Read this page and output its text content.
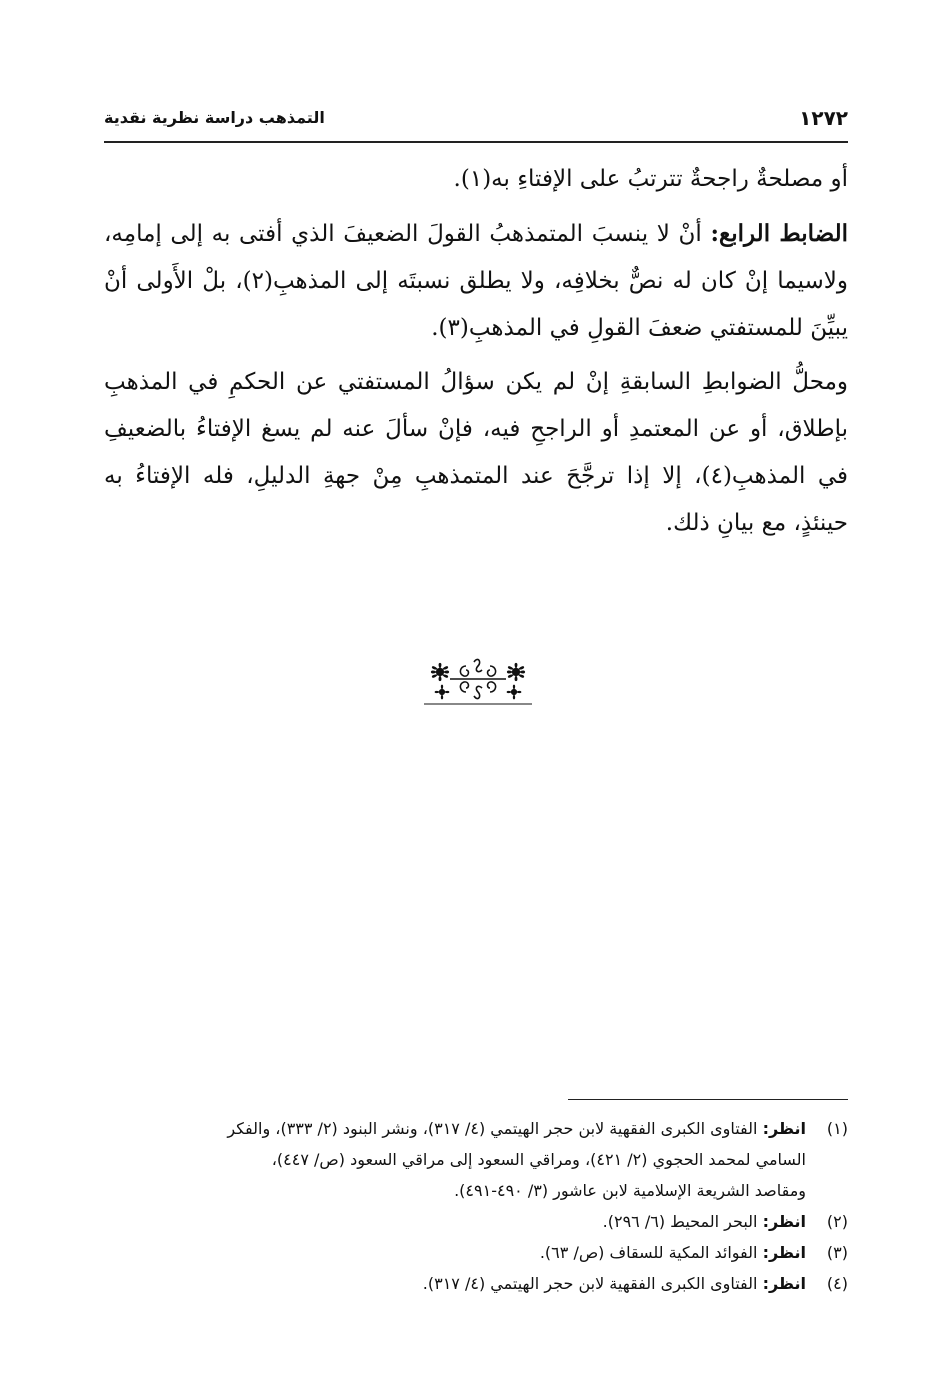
التمذهب دراسة نظرية نقدية	١٢٧٢

أو مصلحةٌ راجحةٌ تترتبُ على الإفتاءِ به(١).

الضابط الرابع: أنْ لا ينسبَ المتمذهبُ القولَ الضعيفَ الذي أفتى به إلى إمامِه، ولاسيما إنْ كان له نصٌّ بخلافِه، ولا يطلق نسبتَه إلى المذهبِ(٢)، بلْ الأَولى أنْ يبيِّنَ للمستفتي ضعفَ القولِ في المذهبِ(٣).

ومحلُّ الضوابطِ السابقةِ إنْ لم يكن سؤالُ المستفتي عن الحكمِ في المذهبِ بإطلاق، أو عن المعتمدِ أو الراجحِ فيه، فإنْ سألَ عنه لم يسغ الإفتاءُ بالضعيفِ في المذهبِ(٤)، إلا إذا ترجَّحَ عند المتمذهبِ مِنْ جهةِ الدليلِ، فله الإفتاءُ به حينئذٍ، مع بيانِ ذلك.

(١)
انظر: الفتاوى الكبرى الفقهية لابن حجر الهيتمي (٤/ ٣١٧)، ونشر البنود (٢/ ٣٣٣)، والفكر
السامي لمحمد الحجوي (٢/ ٤٢١)، ومراقي السعود إلى مراقي السعود (ص/ ٤٤٧)،
ومقاصد الشريعة الإسلامية لابن عاشور (٣/ ٤٩٠-٤٩١).
(٢)
انظر: البحر المحيط (٦/ ٢٩٦).
(٣)
انظر: الفوائد المكية للسقاف (ص/ ٦٣).
(٤)
انظر: الفتاوى الكبرى الفقهية لابن حجر الهيتمي (٤/ ٣١٧).
